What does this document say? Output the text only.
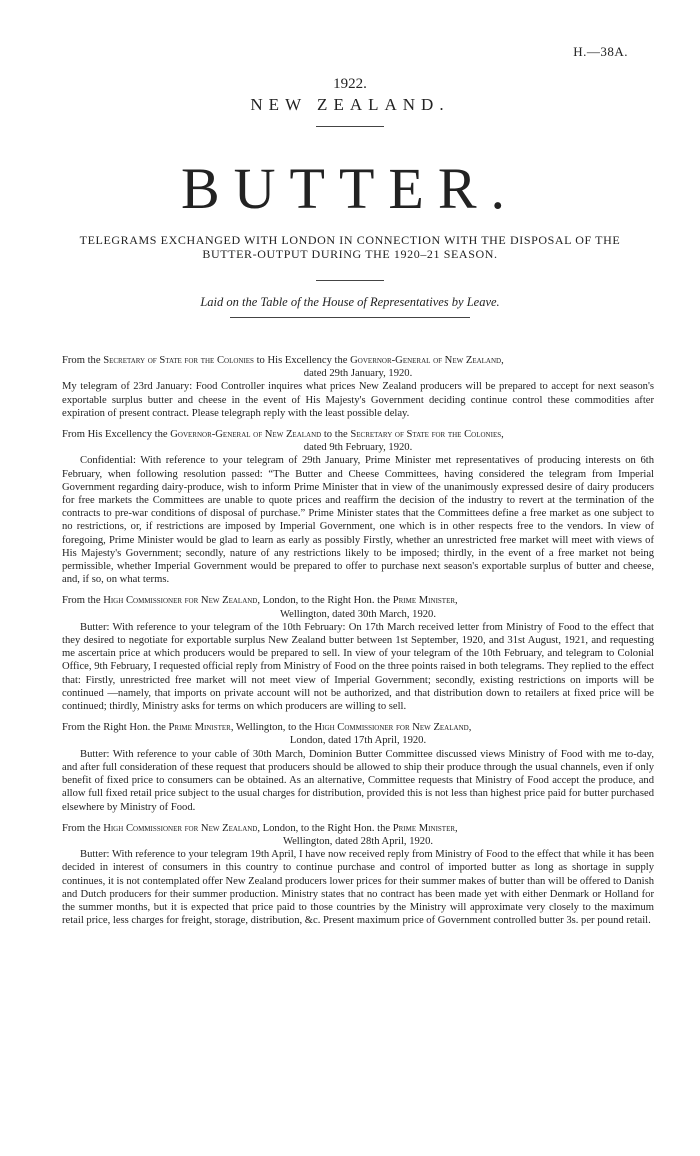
H.—38A.
1922.
NEW ZEALAND.
BUTTER.
TELEGRAMS EXCHANGED WITH LONDON IN CONNECTION WITH THE DISPOSAL OF THE BUTTER-OUTPUT DURING THE 1920–21 SEASON.
Laid on the Table of the House of Representatives by Leave.

From the Secretary of State for the Colonies to His Excellency the Governor-General of New Zealand,

dated 29th January, 1920.

My telegram of 23rd January: Food Controller inquires what prices New Zealand producers will be prepared to accept for next season's exportable surplus butter and cheese in the event of His Majesty's Government deciding continue control these commodities after expiration of present contract. Please telegraph reply with the least possible delay.

From His Excellency the Governor-General of New Zealand to the Secretary of State for the Colonies,

dated 9th February, 1920.

Confidential: With reference to your telegram of 29th January, Prime Minister met representatives of producing interests on 6th February, when following resolution passed: “The Butter and Cheese Committees, having considered the telegram from Imperial Government regarding dairy-produce, wish to inform Prime Minister that in view of the unanimously expressed desire of dairy producers for free markets the Committees are unable to quote prices and reaffirm the decision of the industry to revert at the termination of the contracts to pre-war conditions of disposal of purchase.” Prime Minister states that the Committees define a free market as one subject to no restrictions, or, if restrictions are imposed by Imperial Government, one which is in other respects free to the vendors. In view of foregoing, Prime Minister would be glad to learn as early as possibly Firstly, whether an unrestricted free market will meet with views of His Majesty's Government; secondly, nature of any restrictions likely to be imposed; thirdly, in the event of a free market not being permissible, whether Imperial Government would be prepared to offer to purchase next season's exportable surplus of butter and cheese, and, if so, on what terms.

From the High Commissioner for New Zealand, London, to the Right Hon. the Prime Minister,

Wellington, dated 30th March, 1920.

Butter: With reference to your telegram of the 10th February: On 17th March received letter from Ministry of Food to the effect that they desired to negotiate for exportable surplus New Zealand butter between 1st September, 1920, and 31st August, 1921, and requesting me ascertain price at which producers would be prepared to sell. In view of your telegram of the 10th February, and telegram to Colonial Office, 9th February, I requested official reply from Ministry of Food on the three points raised in both telegrams. They replied to the effect that: Firstly, unrestricted free market will not meet view of Imperial Government; secondly, existing restrictions on imports will be continued —namely, that imports on private account will not be authorized, and that distribution down to retailers at fixed price will be continued; thirdly, Ministry asks for terms on which producers are willing to sell.

From the Right Hon. the Prime Minister, Wellington, to the High Commissioner for New Zealand,

London, dated 17th April, 1920.

Butter: With reference to your cable of 30th March, Dominion Butter Committee discussed views Ministry of Food with me to-day, and after full consideration of these request that producers should be allowed to ship their produce through the usual channels, even if only benefit of fixed price to consumers can be obtained. As an alternative, Committee requests that Ministry of Food accept the produce, and allow full fixed retail price subject to the usual charges for distribution, provided this is not less than highest price paid for butter purchased elsewhere by Ministry of Food.

From the High Commissioner for New Zealand, London, to the Right Hon. the Prime Minister,

Wellington, dated 28th April, 1920.

Butter: With reference to your telegram 19th April, I have now received reply from Ministry of Food to the effect that while it has been decided in interest of consumers in this country to continue purchase and control of imported butter as long as shortage in supply continues, it is not contemplated offer New Zealand producers lower prices for their summer makes of butter than will be offered to Danish and Dutch producers for their summer production. Ministry states that no contract has been made yet with either Denmark or Holland for the summer months, but it is expected that price paid to those countries by the Ministry will approximate very closely to the maximum retail price, less charges for freight, storage, distribution, &c. Present maximum price of Government controlled butter 3s. per pound retail.
